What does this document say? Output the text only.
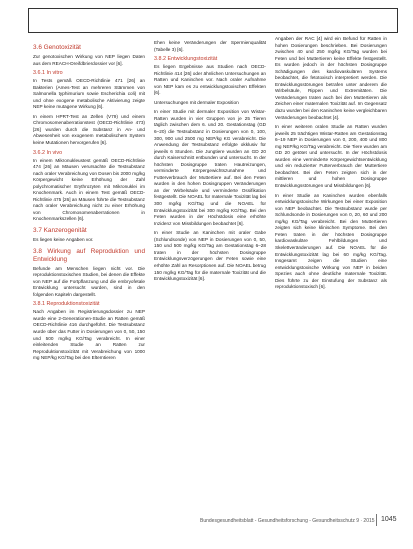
3.6 Genotoxizität

Zur genotoxischen Wirkung von NEP liegen Daten aus dem REACH-Dreifdbrierdossier vor [6].

3.6.1 In vitro

In Tests gemäß OECD-Richtlinie 471 [26] an Bakterien (Ames-Test an mehreren Stämmen von Salmonella typhimurium sowie Escherichia coli) mit und ohne exogene metabolische Aktivierung zeigte NEP keine mutagene Wirkung [6].

In einem HPRT-Test an Zellen (V79) und einem Chromosomenaberrationstest (OECD-Richtlinie 473) [26] wurden durch die Substanz in An- und Abwesenheit von exogenem metabolischem System keine Mutationen hervorgerufen [6].

3.6.2 In vivo

In einem Mikronukleustest gemäß OECD-Richtlinie 474 [26] an Mäusen verursachte die Testsubstanz nach oraler Verabreichung von Dosen bis 2000 mg/kg Körpergewicht keine Erhöhung der Zahl polychromatischer Erythrozyten mit Mikronuklei im Knochenmark. Auch in einem Test gemäß OECD-Richtlinie 475 [26] an Mäusen führte die Testsubstanz nach oraler Verabreichung nicht zu einer Erhöhung von Chromosomenaberrationen in Knochenmarkszellen [6].

3.7 Kanzerogenität

Es liegen keine Angaben vor.

3.8 Wirkung auf Reproduktion und Entwicklung

Befunde am Menschen liegen nicht vor. Die reproduktionstoxischen Studien, bei denen die Effekte von NEP auf die Fortpflanzung und die embryofetale Entwicklung untersucht wurden, sind in den folgenden Kapiteln dargestellt.

3.8.1 Reproduktionstoxizität

Nach Angaben im Registrierungsdossier zu NEP wurde eine 2-Generationen-Studie an Ratten gemäß OECD-Richtlinie 416 durchgeführt. Die Testsubstanz wurde über das Futter in Dosierungen von 0, 50, 150 und 500 mg/kg KG/Tag verabreicht. In einer einleitenden Studie an Ratten zur Reproduktionstoxizität mit Verabreichung von 1000 mg NEP/kg KG/Tag bei den Elterntieren

Ehen keine Veränderungen der Spermienqualität (Tabelle 3) [6].

3.8.2 Entwicklungstoxizität

Es liegen Ergebnisse aus Studien nach OECD-Richtlinie 414 [26] oder ähnlichen Untersuchungen an Ratten und Kaninchen vor. Nach oraler Aufnahme von NEP kam es zu entwicklungstoxischen Effekten [6].

Untersuchungen mit dermaler Exposition

In einer Studie mit dermaler Exposition von Wistar-Ratten wurden in vier Gruppen von je 25 Tieren täglich zwischen dem 6. und 20. Gestationstag (GD 6–20) die Testsubstanz in Dosierungen von 0, 100, 300, 900 und 2500 mg NEP/kg KG verabreicht. Die Anwendung der Testsubstanz erfolgte okklusiv für jeweils 6 Stunden. Die Jungtiere wurden an GD 20 durch Kaiserschnitt entbunden und untersucht. In der höchsten Dosisgruppe traten Hautreizungen, verminderte Körpergewichtszunahme und Futterverbrauch der Muttertiere auf. Bei den Feten wurden in den hohen Dosisgruppen Veränderungen an der Wirbelsäule und verminderte Ossifikation festgestellt. Die NOAEL für maternale Toxizität lag bei 300 mg/kg KG/Tag und die NOAEL für Entwicklungstoxizität bei 300 mg/kg KG/Tag. Bei den Feten wurden in der Höchstdosis eine erhöhte Inzidenz von Missbildungen beobachtet [6].

In einer Studie an Kaninchen mit oraler Gabe (Schlundsonde) von NEP in Dosierungen von 0, 50, 150 und 500 mg/kg KG/Tag am Gestationstag 6–28 traten in der höchsten Dosisgruppe Entwicklungsverzögerungen der Feten sowie eine erhöhte Zahl an Resorptionen auf. Die NOAEL betrug 150 mg/kg KG/Tag für die maternale Toxizität und die Entwicklungstoxizität [6].

Angaben der RAC [4] wird ein Befund für Ratten in hohen Dosierungen beschrieben. Bei Dosierungen zwischen 40 und 250 mg/kg KG/Tag wurden bei Feten und bei Muttertieren keine Effekte festgestellt. Es wurden jedoch in der höchsten Dosisgruppe Schädigungen des kardiovaskulären Systems beobachtet, die fetotoxisch interpretiert werden. Die Entwicklungsstörungen betrafen unter anderem die Wirbelsäule, Rippen und Extremitäten. Die Veränderungen traten auch bei den Muttertieren als Zeichen einer maternalen Toxizität auf. Im Gegensatz dazu wurden bei den Kaninchen keine vergleichbaren Veränderungen beobachtet [4].

In einer weiteren oralen Studie an Ratten wurden jeweils 25 trächtigen Wistar-Ratten am Gestationstag 6–19 NEP in Dosierungen von 0, 200, 400 und 800 mg NEP/kg KG/Tag verabreicht. Die Tiere wurden am GD 20 getötet und untersucht. In der Höchstdosis wurden eine verminderte Körpergewichtsentwicklung und ein reduzierter Futterverbrauch der Muttertiere beobachtet. Bei den Feten zeigten sich in der mittleren und hohen Dosisgruppe Entwicklungsstörungen und Missbildungen [6].

In einer Studie an Kaninchen wurden ebenfalls entwicklungstoxische Wirkungen bei einer Exposition von NEP beobachtet. Die Testsubstanz wurde per Schlundsonde in Dosierungen von 0, 20, 60 und 200 mg/kg KG/Tag verabreicht. Bei den Muttertieren zeigten sich keine klinischen Symptome. Bei den Feten traten in der höchsten Dosisgruppe kardiovaskuläre Fehlbildungen und Skelettveränderungen auf. Die NOAEL für die Entwicklungstoxizität lag bei 60 mg/kg KG/Tag. Insgesamt zeigen die Studien eine entwicklungstoxische Wirkung von NEP in beiden Spezies auch ohne deutliche maternale Toxizität. Dies führte zu der Einstufung der Substanz als reproduktionstoxisch [6].

Bundesgesundheitsblatt - Gesundheitsforschung - Gesundheitsschutz 9 · 2015 1045
